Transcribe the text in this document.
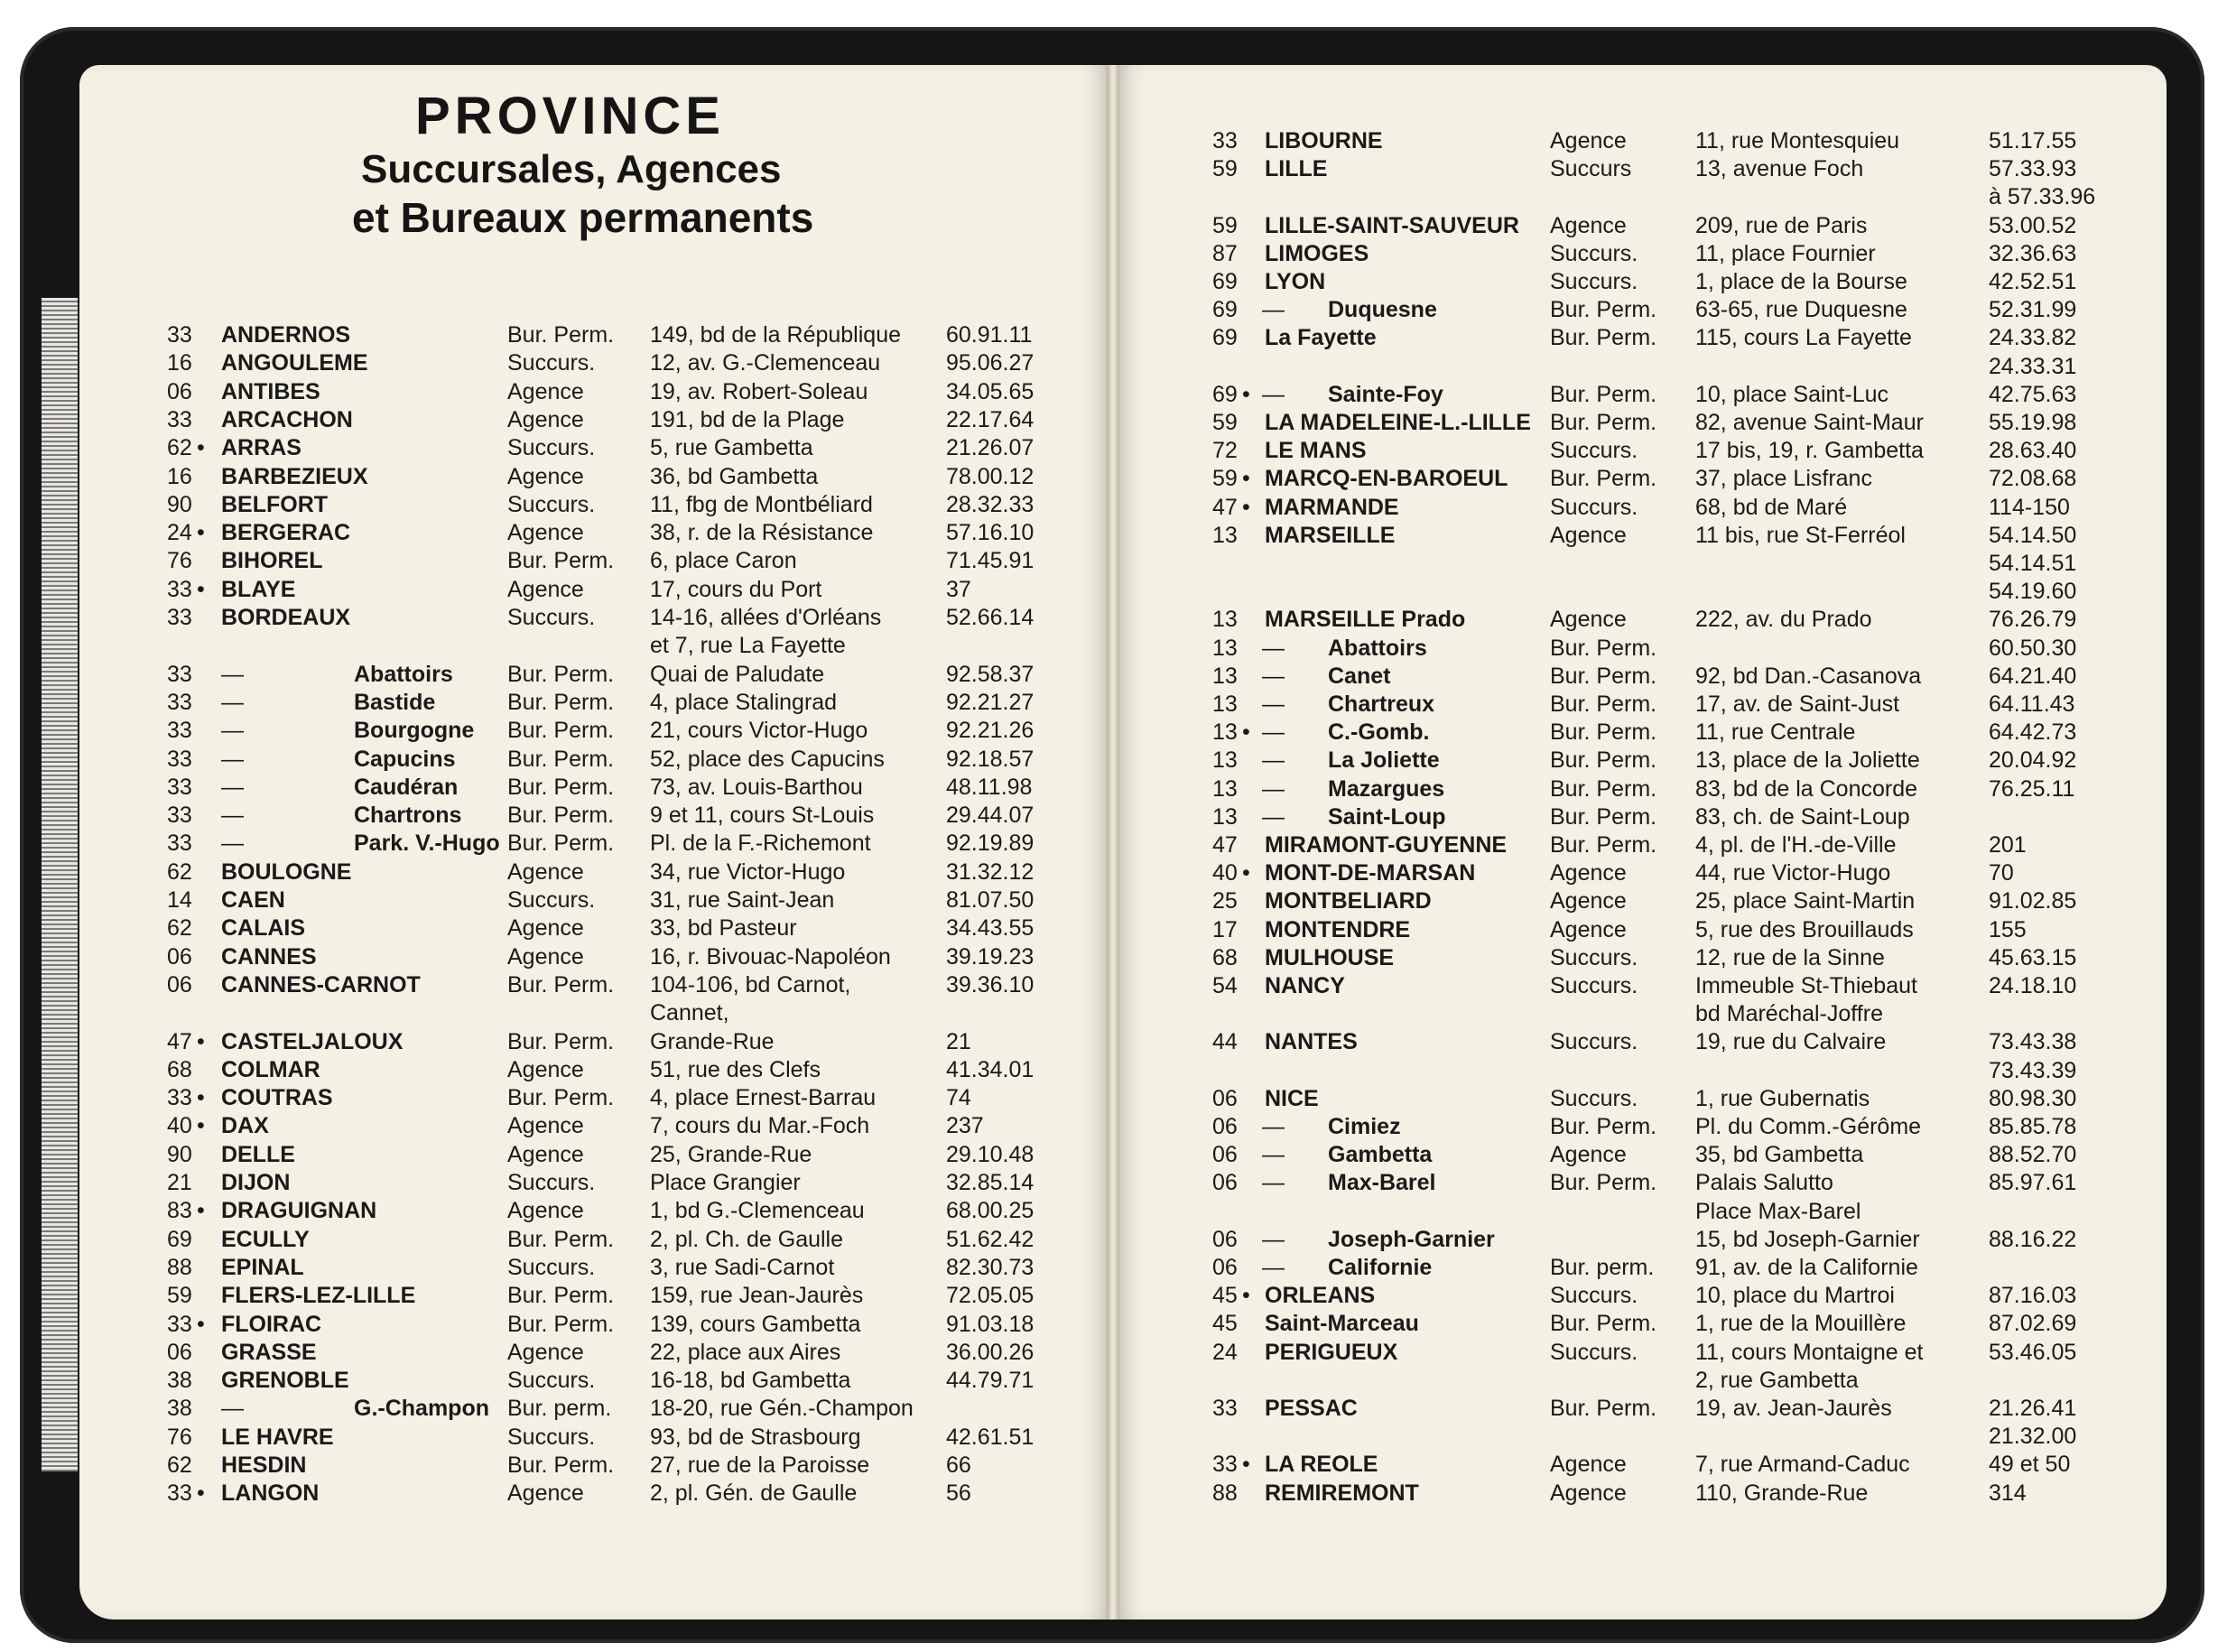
PROVINCE
Succursales, Agences
et Bureaux permanents
33 ANDERNOS	Bur. Perm. 149, bd de la République 60.91.11
16 ANGOULEME	Succurs. 12, av. G.-Clemenceau	95.06.27
06 ANTIBES	Agence	19, av. Robert-Soleau	34.05.65
33 ARCACHON	Agence	191, bd de la Plage	22.17.64
62 • ARRAS	Succurs. 5, rue Gambetta	21.26.07
16 BARBEZIEUX	Agence	36, bd Gambetta	78.00.12
90 BELFORT	Succurs. 11, fbg de Montbéliard	28.32.33
24 • BERGERAC	Agence	38, r. de la Résistance	57.16.10
76 BIHOREL	Bur. Perm. 6, place Caron	71.45.91
33 • BLAYE	Agence	17, cours du Port	37
33 BORDEAUX	Succurs. 14-16, allées d'Orléans	52.66.14
et 7, rue La Fayette
33 —	Abattoirs Bur. Perm. Quai de Paludate	92.58.37
33 —	Bastide	Bur. Perm. 4, place Stalingrad	92.21.27
33 —	Bourgogne Bur. Perm. 21, cours Victor-Hugo	92.21.26
33 —	Capucins Bur. Perm. 52, place des Capucins	92.18.57
33 —	Caudéran Bur. Perm. 73, av. Louis-Barthou	48.11.98
33 —	Chartrons Bur. Perm. 9 et 11, cours St-Louis	29.44.07
33 —	Park. V.-Hugo Bur. Perm. Pl. de la F.-Richemont	92.19.89
62 BOULOGNE	Agence	34, rue Victor-Hugo	31.32.12
14 CAEN	Succurs. 31, rue Saint-Jean	81.07.50
62 CALAIS	Agence	33, bd Pasteur	34.43.55
06 CANNES	Agence	16, r. Bivouac-Napoléon 39.19.23
06 CANNES-CARNOT	Bur. Perm. 104-106, bd Carnot,	39.36.10
Cannet,
47 • CASTELJALOUX	Bur. Perm. Grande-Rue	21
68 COLMAR	Agence	51, rue des Clefs	41.34.01
33 • COUTRAS	Bur. Perm. 4, place Ernest-Barrau	74
40 • DAX	Agence	7, cours du Mar.-Foch	237
90 DELLE	Agence	25, Grande-Rue	29.10.48
21 DIJON	Succurs. Place Grangier	32.85.14
83 • DRAGUIGNAN	Agence	1, bd G.-Clemenceau	68.00.25
69 ECULLY	Bur. Perm. 2, pl. Ch. de Gaulle	51.62.42
88 EPINAL	Succurs. 3, rue Sadi-Carnot	82.30.73
59 FLERS-LEZ-LILLE	Bur. Perm. 159, rue Jean-Jaurès	72.05.05
33 • FLOIRAC	Bur. Perm. 139, cours Gambetta	91.03.18
06 GRASSE	Agence	22, place aux Aires	36.00.26
38 GRENOBLE	Succurs. 16-18, bd Gambetta	44.79.71
38 —	G.-Champon Bur. perm. 18-20, rue Gén.-Champon
76 LE HAVRE	Succurs. 93, bd de Strasbourg	42.61.51
62 HESDIN	Bur. Perm. 27, rue de la Paroisse	66
33 • LANGON	Agence	2, pl. Gén. de Gaulle	56
33 LIBOURNE	Agence	11, rue Montesquieu	51.17.55
59 LILLE	Succurs	13, avenue Foch	57.33.93
à 57.33.96
59 LILLE-SAINT-SAUVEUR Agence	209, rue de Paris	53.00.52
87 LIMOGES	Succurs.	11, place Fournier	32.36.63
69 LYON	Succurs.	1, place de la Bourse	42.52.51
69 — Duquesne	Bur. Perm. 63-65, rue Duquesne	52.31.99
69 La Fayette	Bur. Perm. 115, cours La Fayette	24.33.82
24.33.31
69 • — Sainte-Foy	Bur. Perm. 10, place Saint-Luc	42.75.63
59 LA MADELEINE-L.-LILLE Bur. Perm. 82, avenue Saint-Maur	55.19.98
72 LE MANS	Succurs.	17 bis, 19, r. Gambetta	28.63.40
59 • MARCQ-EN-BAROEUL Bur. Perm. 37, place Lisfranc	72.08.68
47 • MARMANDE	Succurs.	68, bd de Maré	114-150
13 MARSEILLE	Agence	11 bis, rue St-Ferréol	54.14.50
54.14.51
54.19.60
13 MARSEILLE Prado	Agence	222, av. du Prado	76.26.79
13 — Abattoirs	Bur. Perm.	60.50.30
13 — Canet	Bur. Perm. 92, bd Dan.-Casanova	64.21.40
13 — Chartreux	Bur. Perm. 17, av. de Saint-Just	64.11.43
13 • — C.-Gomb.	Bur. Perm. 11, rue Centrale	64.42.73
13 — La Joliette	Bur. Perm. 13, place de la Joliette	20.04.92
13 — Mazargues	Bur. Perm. 83, bd de la Concorde	76.25.11
13 — Saint-Loup	Bur. Perm. 83, ch. de Saint-Loup
47 MIRAMONT-GUYENNE Bur. Perm. 4, pl. de l'H.-de-Ville	201
40 • MONT-DE-MARSAN	Agence	44, rue Victor-Hugo	70
25 MONTBELIARD	Agence	25, place Saint-Martin	91.02.85
17 MONTENDRE	Agence	5, rue des Brouillauds	155
68 MULHOUSE	Succurs.	12, rue de la Sinne	45.63.15
54 NANCY	Succurs.	Immeuble St-Thiebaut	24.18.10
bd Maréchal-Joffre
44 NANTES	Succurs.	19, rue du Calvaire	73.43.38
73.43.39
06 NICE	Succurs.	1, rue Gubernatis	80.98.30
06 — Cimiez	Bur. Perm. Pl. du Comm.-Gérôme	85.85.78
06 — Gambetta	Agence	35, bd Gambetta	88.52.70
06 — Max-Barel	Bur. Perm. Palais Salutto	85.97.61
Place Max-Barel
06 — Joseph-Garnier	15, bd Joseph-Garnier	88.16.22
06 — Californie	Bur. perm. 91, av. de la Californie
45 • ORLEANS	Succurs.	10, place du Martroi	87.16.03
45 Saint-Marceau	Bur. Perm. 1, rue de la Mouillère	87.02.69
24 PERIGUEUX	Succurs.	11, cours Montaigne et	53.46.05
2, rue Gambetta
33 PESSAC	Bur. Perm. 19, av. Jean-Jaurès	21.26.41
21.32.00
33 • LA REOLE	Agence	7, rue Armand-Caduc	49 et 50
88 REMIREMONT	Agence	110, Grande-Rue	314
